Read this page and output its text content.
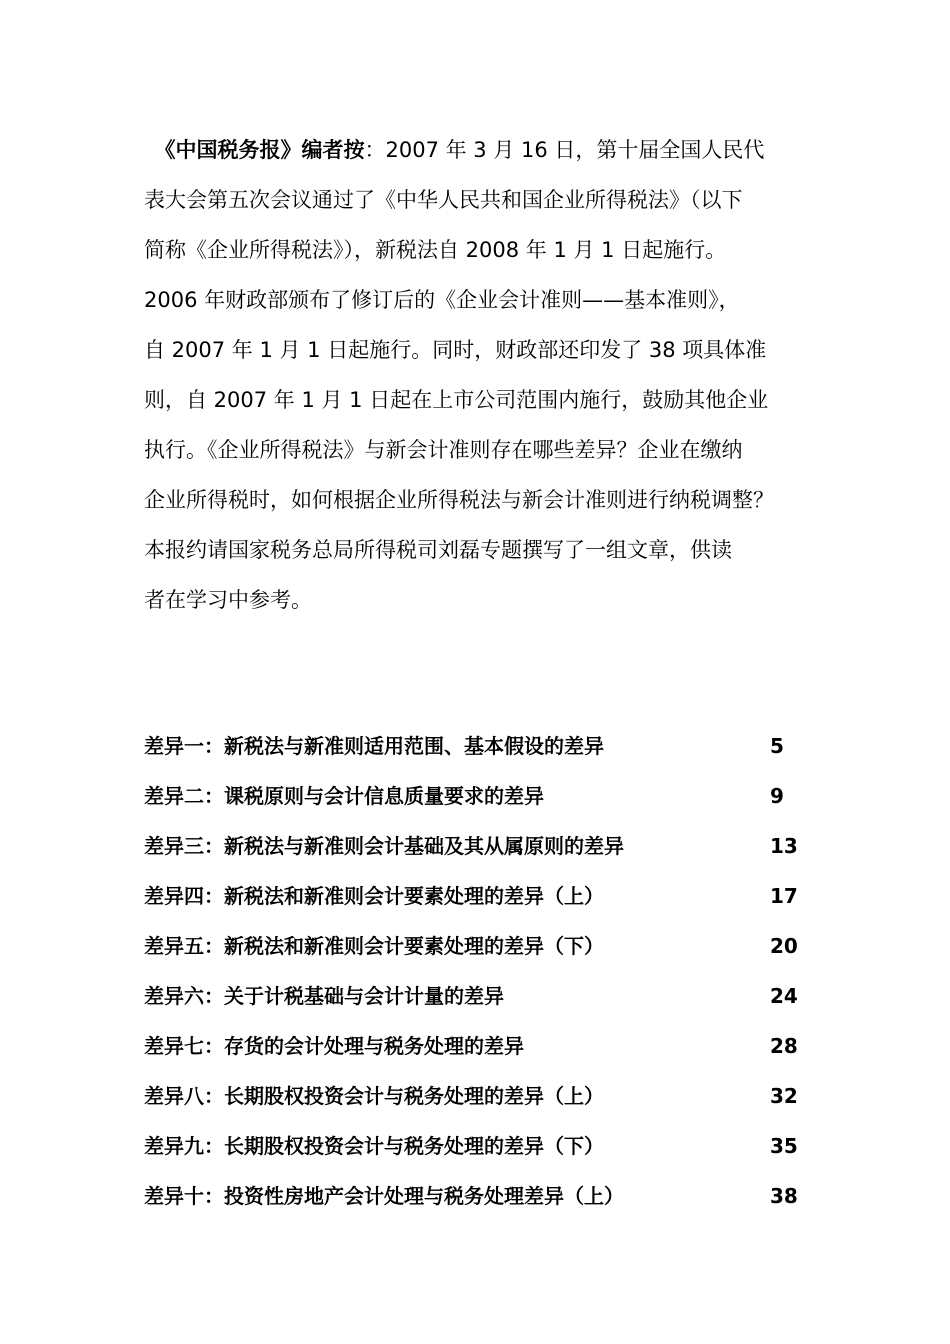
　《中国税务报》编者按：2007 年 3 月 16 日，第十届全国人民代
表大会第五次会议通过了《中华人民共和国企业所得税法》（以下
简称《企业所得税法》），新税法自 2008 年 1 月 1 日起施行。
2006 年财政部颁布了修订后的《企业会计准则——基本准则》，
自 2007 年 1 月 1 日起施行。同时，财政部还印发了 38 项具体准
则，自 2007 年 1 月 1 日起在上市公司范围内施行，鼓励其他企业
执行。《企业所得税法》与新会计准则存在哪些差异？企业在缴纳
企业所得税时，如何根据企业所得税法与新会计准则进行纳税调整？
本报约请国家税务总局所得税司刘磊专题撰写了一组文章，供读
者在学习中参考。
差异一：新税法与新准则适用范围、基本假设的差异	5
差异二：课税原则与会计信息质量要求的差异	9
差异三：新税法与新准则会计基础及其从属原则的差异	13
差异四：新税法和新准则会计要素处理的差异（上）	17
差异五：新税法和新准则会计要素处理的差异（下）	20
差异六：关于计税基础与会计计量的差异	24
差异七：存货的会计处理与税务处理的差异	28
差异八：长期股权投资会计与税务处理的差异（上）	32
差异九：长期股权投资会计与税务处理的差异（下）	35
差异十：投资性房地产会计处理与税务处理差异（上）	38
